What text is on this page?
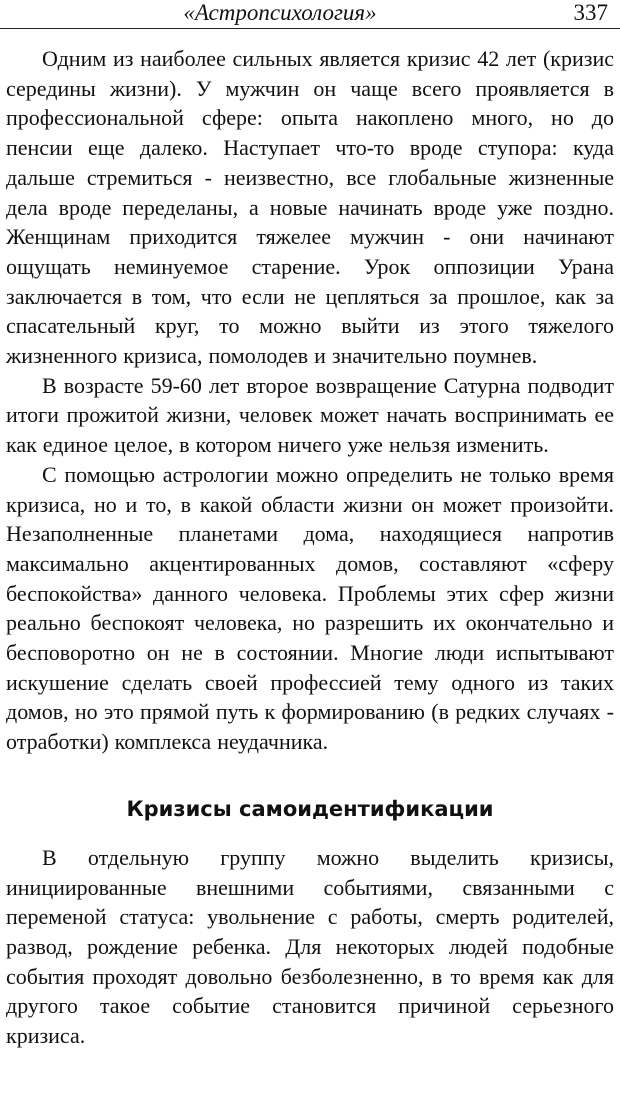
«Астропсихология»	337

Одним из наиболее сильных является кризис 42 лет (кризис середины жизни). У мужчин он чаще всего проявляется в профессиональной сфере: опыта накоплено много, но до пенсии еще далеко. Наступает что-то вроде ступора: куда дальше стремиться - неизвестно, все глобальные жизненные дела вроде переделаны, а новые начинать вроде уже поздно. Женщинам приходится тяжелее мужчин - они начинают ощущать неминуемое старение. Урок оппозиции Урана заключается в том, что если не цепляться за прошлое, как за спасательный круг, то можно выйти из этого тяжелого жизненного кризиса, помолодев и значительно поумнев.

В возрасте 59-60 лет второе возвращение Сатурна подводит итоги прожитой жизни, человек может начать воспринимать ее как единое целое, в котором ничего уже нельзя изменить.

С помощью астрологии можно определить не только время кризиса, но и то, в какой области жизни он может произойти. Незаполненные планетами дома, находящиеся напротив максимально акцентированных домов, составляют «сферу беспокойства» данного человека. Проблемы этих сфер жизни реально беспокоят человека, но разрешить их окончательно и бесповоротно он не в состоянии. Многие люди испытывают искушение сделать своей профессией тему одного из таких домов, но это прямой путь к формированию (в редких случаях - отработки) комплекса неудачника.

Кризисы самоидентификации

В отдельную группу можно выделить кризисы, инициированные внешними событиями, связанными с переменой статуса: увольнение с работы, смерть родителей, развод, рождение ребенка. Для некоторых людей подобные события проходят довольно безболезненно, в то время как для другого такое событие становится причиной серьезного кризиса.
